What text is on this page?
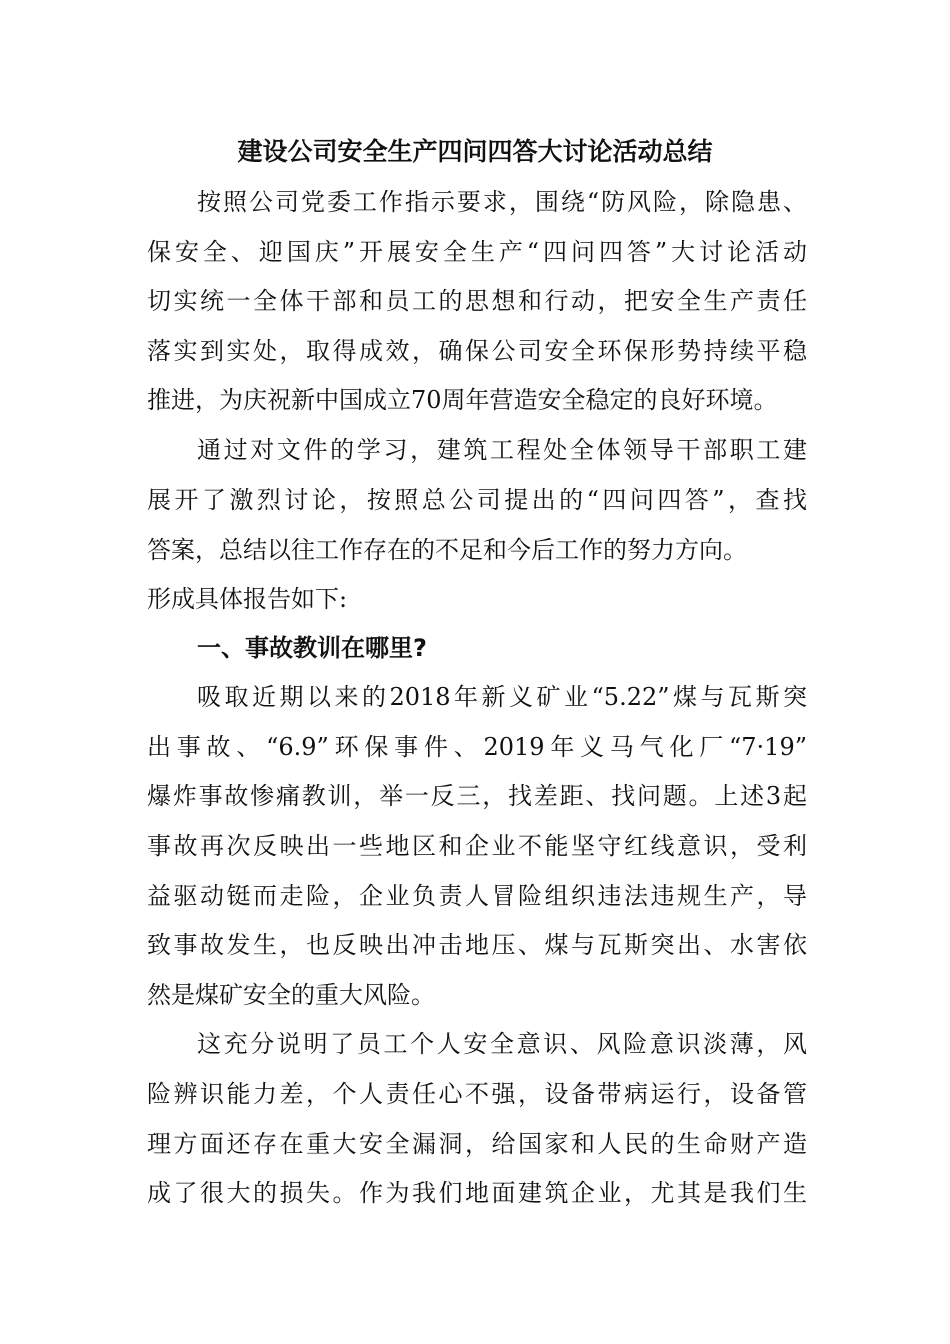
建设公司安全生产四问四答大讨论活动总结
按照公司党委工作指示要求，围绕“防风险，除隐患、
保安全、迎国庆”开展安全生产“四问四答”大讨论活动
切实统一全体干部和员工的思想和行动，把安全生产责任
落实到实处，取得成效，确保公司安全环保形势持续平稳
推进，为庆祝新中国成立70周年营造安全稳定的良好环境。
通过对文件的学习，建筑工程处全体领导干部职工建
展开了激烈讨论，按照总公司提出的“四问四答”，查找
答案，总结以往工作存在的不足和今后工作的努力方向。
形成具体报告如下:
一、事故教训在哪里?
吸取近期以来的2018年新义矿业“5.22”煤与瓦斯突
出事故、“6.9”环保事件、2019年义马气化厂“7·19”
爆炸事故惨痛教训，举一反三，找差距、找问题。上述3起
事故再次反映出一些地区和企业不能坚守红线意识，受利
益驱动铤而走险，企业负责人冒险组织违法违规生产，导
致事故发生，也反映出冲击地压、煤与瓦斯突出、水害依
然是煤矿安全的重大风险。
这充分说明了员工个人安全意识、风险意识淡薄，风
险辨识能力差，个人责任心不强，设备带病运行，设备管
理方面还存在重大安全漏洞，给国家和人民的生命财产造
成了很大的损失。作为我们地面建筑企业，尤其是我们生
